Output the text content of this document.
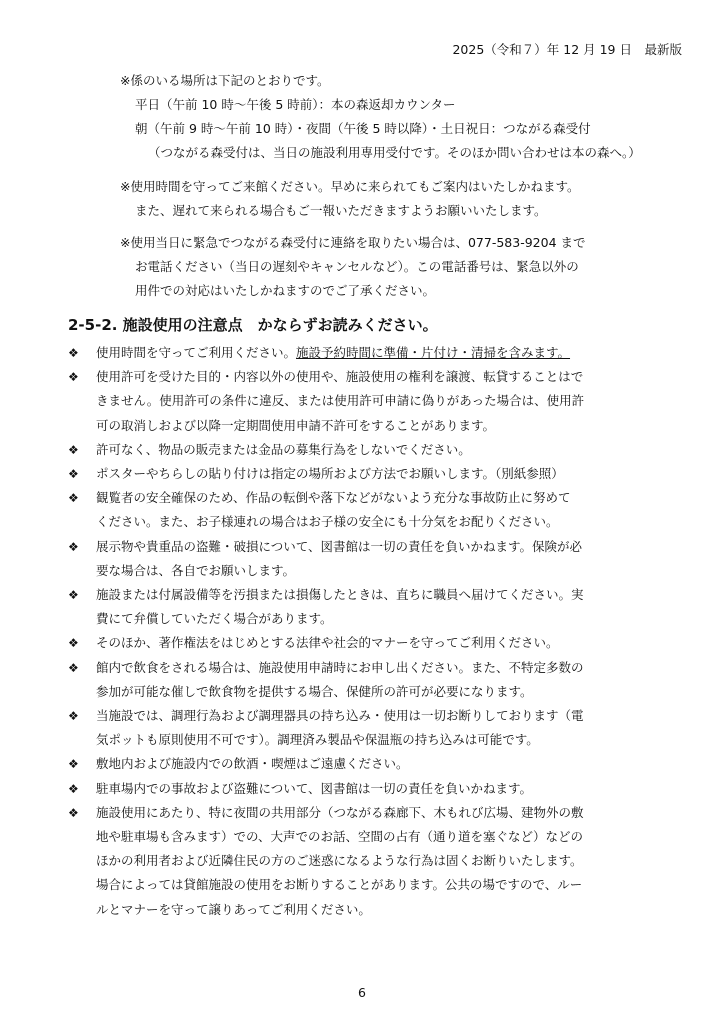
2025（令和７）年 12 月 19 日　最新版
※係のいる場所は下記のとおりです。
平日（午前 10 時～午後 5 時前）：本の森返却カウンター
朝（午前 9 時～午前 10 時）・夜間（午後 5 時以降）・土日祝日：つながる森受付
（つながる森受付は、当日の施設利用専用受付です。そのほか問い合わせは本の森へ。）
※使用時間を守ってご来館ください。早めに来られてもご案内はいたしかねます。
また、遅れて来られる場合もご一報いただきますようお願いいたします。
※使用当日に緊急でつながる森受付に連絡を取りたい場合は、077-583-9204 まで
お電話ください（当日の遅刻やキャンセルなど）。この電話番号は、緊急以外の
用件での対応はいたしかねますのでご了承ください。
2-5-2. 施設使用の注意点　かならずお読みください。
❖	使用時間を守ってご利用ください。施設予約時間に準備・片付け・清掃を含みます。
❖	使用許可を受けた目的・内容以外の使用や、施設使用の権利を譲渡、転貸することはで
きません。使用許可の条件に違反、または使用許可申請に偽りがあった場合は、使用許
可の取消しおよび以降一定期間使用申請不許可をすることがあります。
❖	許可なく、物品の販売または金品の募集行為をしないでください。
❖	ポスターやちらしの貼り付けは指定の場所および方法でお願いします。（別紙参照）
❖	観覧者の安全確保のため、作品の転倒や落下などがないよう充分な事故防止に努めて
ください。また、お子様連れの場合はお子様の安全にも十分気をお配りください。
❖	展示物や貴重品の盗難・破損について、図書館は一切の責任を負いかねます。保険が必
要な場合は、各自でお願いします。
❖	施設または付属設備等を汚損または損傷したときは、直ちに職員へ届けてください。実
費にて弁償していただく場合があります。
❖	そのほか、著作権法をはじめとする法律や社会的マナーを守ってご利用ください。
❖	館内で飲食をされる場合は、施設使用申請時にお申し出ください。また、不特定多数の
参加が可能な催しで飲食物を提供する場合、保健所の許可が必要になります。
❖	当施設では、調理行為および調理器具の持ち込み・使用は一切お断りしております（電
気ポットも原則使用不可です）。調理済み製品や保温瓶の持ち込みは可能です。
❖	敷地内および施設内での飲酒・喫煙はご遠慮ください。
❖	駐車場内での事故および盗難について、図書館は一切の責任を負いかねます。
❖	施設使用にあたり、特に夜間の共用部分（つながる森廊下、木もれび広場、建物外の敷
地や駐車場も含みます）での、大声でのお話、空間の占有（通り道を塞ぐなど）などの
ほかの利用者および近隣住民の方のご迷惑になるような行為は固くお断りいたします。
場合によっては貸館施設の使用をお断りすることがあります。公共の場ですので、ルー
ルとマナーを守って譲りあってご利用ください。
6
